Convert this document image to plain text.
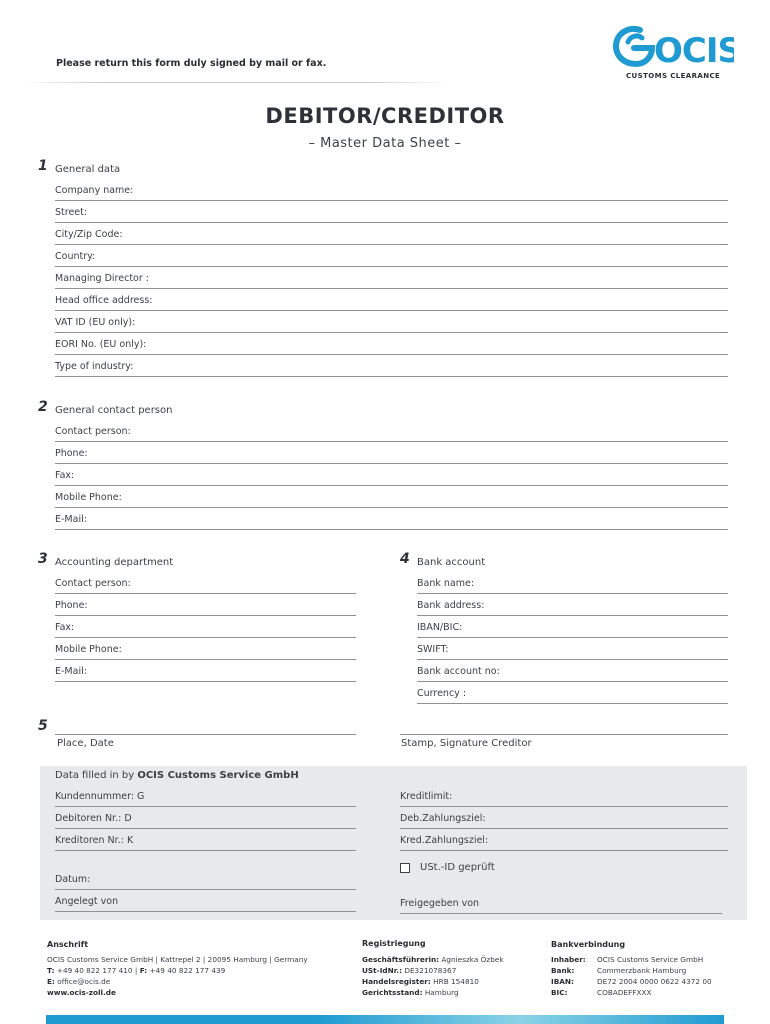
Please return this form duly signed by mail or fax.	OCIS
CUSTOMS CLEARANCE
DEBITOR/CREDITOR
– Master Data Sheet –
1 General data
Company name:
Street:
City/Zip Code:
Country:
Managing Director :
Head office address:
VAT ID (EU only):
EORI No. (EU only):
Type of industry:
2 General contact person
Contact person:
Phone:
Fax:
Mobile Phone:
E-Mail:
3 Accounting department
Contact person:
Phone:
Fax:
Mobile Phone:
E-Mail:
4 Bank account
Bank name:
Bank address:
IBAN/BIC:
SWIFT:
Bank account no:
Currency :
5
Place, Date	Stamp, Signature Creditor
Data filled in by OCIS Customs Service GmbH
Kundennummer: G
Debitoren Nr.: D
Kreditoren Nr.: K
Kreditlimit:
Deb.Zahlungsziel:
Kred.Zahlungsziel:
USt.-ID geprüft
Datum:
Angelegt von	Freigegeben von
Anschrift
OCIS Customs Service GmbH | Kattrepel 2 | 20095 Hamburg | Germany
T: +49 40 822 177 410 | F: +49 40 822 177 439
E: office@ocis.de
www.ocis-zoll.de
Registriegung
Geschäftsführerin: Agnieszka Özbek
USt-IdNr.: DE321078367
Handelsregister: HRB 154810
Gerichtsstand: Hamburg
Bankverbindung
Inhaber: OCIS Customs Service GmbH
Bank:	Commerzbank Hamburg
IBAN:	DE72 2004 0000 0622 4372 00
BIC:	COBADEFFXXX
